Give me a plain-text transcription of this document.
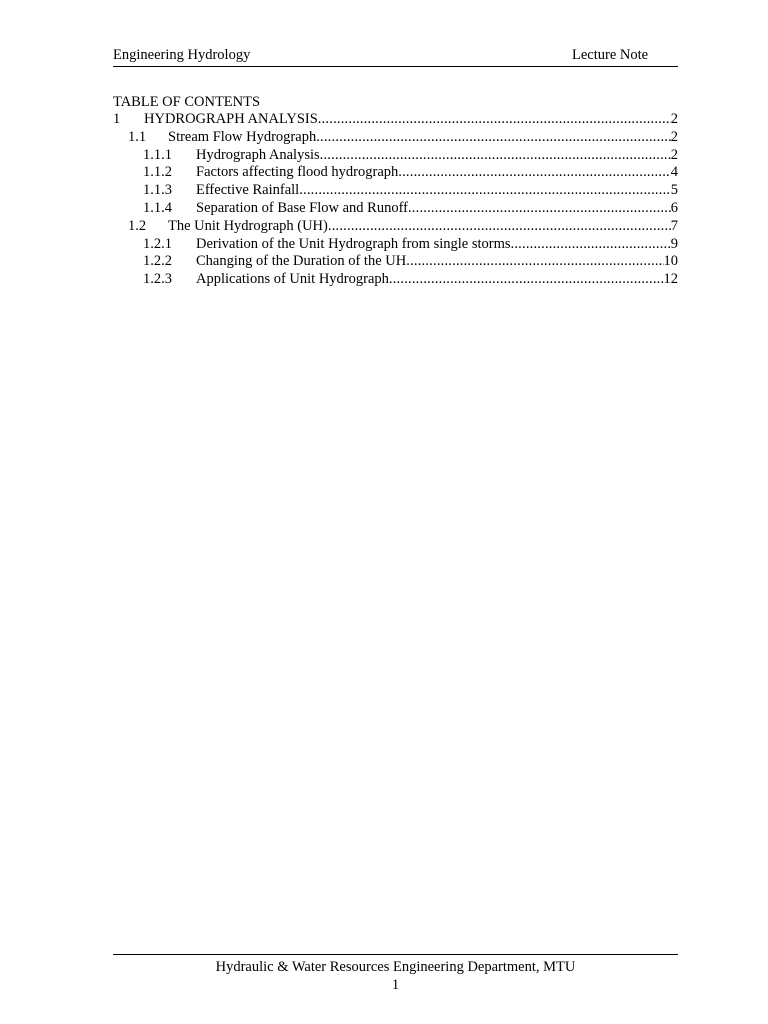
Engineering Hydrology	Lecture Note
TABLE OF CONTENTS
1	HYDROGRAPH ANALYSIS .....	2
1.1	Stream Flow Hydrograph .....	2
1.1.1	Hydrograph Analysis .....	2
1.1.2	Factors affecting flood hydrograph .....	4
1.1.3	Effective Rainfall .....	5
1.1.4	Separation of Base Flow and Runoff .....	6
1.2	The Unit Hydrograph (UH) .....	7
1.2.1	Derivation of the Unit Hydrograph from single storms .....	9
1.2.2	Changing of the Duration of the UH .....	10
1.2.3	Applications of Unit Hydrograph .....	12
Hydraulic & Water Resources Engineering Department, MTU
1
